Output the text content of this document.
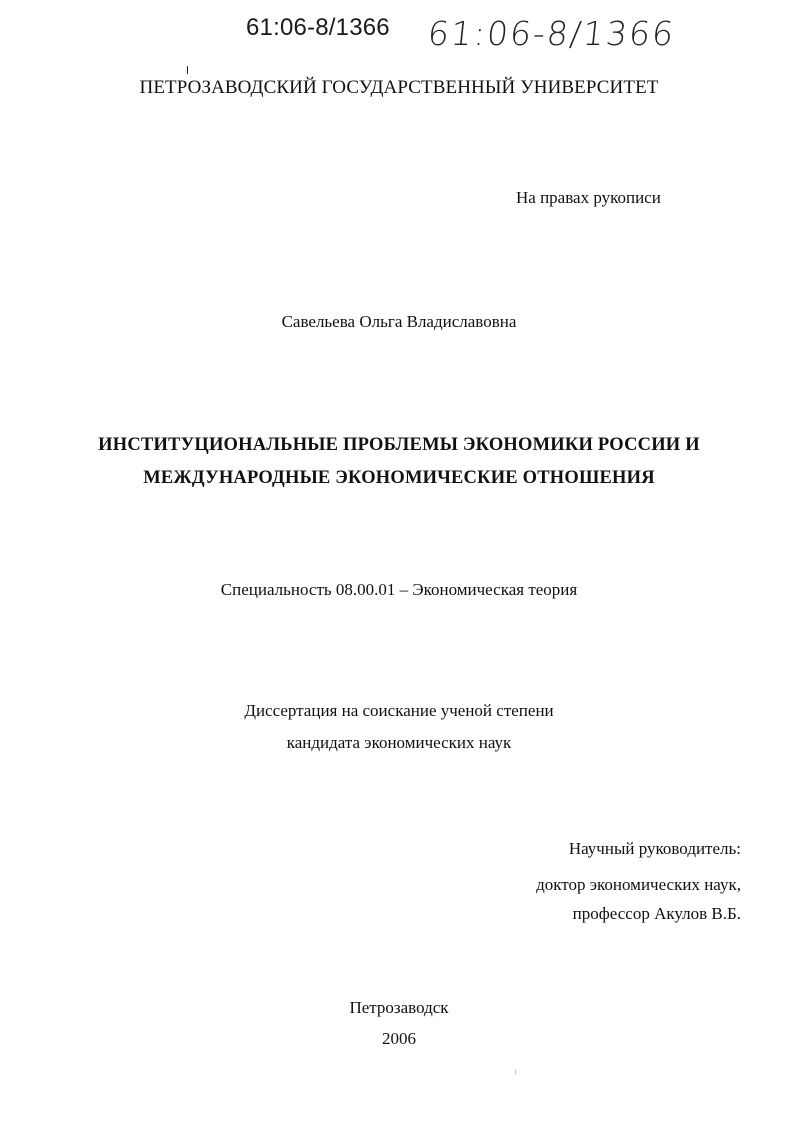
61:06-8/1366 61:06-8/1366
ПЕТРОЗАВОДСКИЙ ГОСУДАРСТВЕННЫЙ УНИВЕРСИТЕТ
На правах рукописи
Савельева Ольга Владиславовна
ИНСТИТУЦИОНАЛЬНЫЕ ПРОБЛЕМЫ ЭКОНОМИКИ РОССИИ И
МЕЖДУНАРОДНЫЕ ЭКОНОМИЧЕСКИЕ ОТНОШЕНИЯ
Специальность 08.00.01 – Экономическая теория
Диссертация на соискание ученой степени
кандидата экономических наук
Научный руководитель:
доктор экономических наук,
профессор Акулов В.Б.
Петрозаводск
2006
